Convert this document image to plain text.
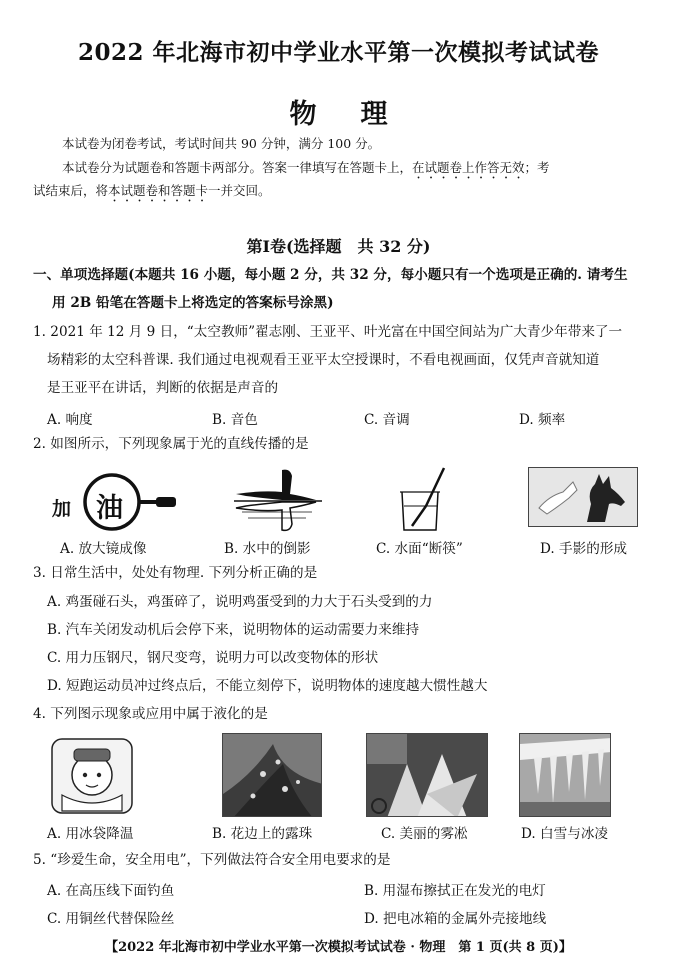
2022 年北海市初中学业水平第一次模拟考试试卷
物理
本试卷为闭卷考试，考试时间共 90 分钟，满分 100 分。
本试卷分为试题卷和答题卡两部分。答案一律填写在答题卡上，在试题卷上作答无效；考
试结束后，将本试题卷和答题卡一并交回。
第Ⅰ卷(选择题　共 32 分)
一、单项选择题(本题共 16 小题，每小题 2 分，共 32 分，每小题只有一个选项是正确的. 请考生
用 2B 铅笔在答题卡上将选定的答案标号涂黑)
1. 2021 年 12 月 9 日，“太空教师”翟志刚、王亚平、叶光富在中国空间站为广大青少年带来了一
场精彩的太空科普课. 我们通过电视观看王亚平太空授课时，不看电视画面，仅凭声音就知道
是王亚平在讲话，判断的依据是声音的
A. 响度	B. 音色	C. 音调	D. 频率
2. 如图所示，下列现象属于光的直线传播的是
加 油
A. 放大镜成像	B. 水中的倒影	C. 水面“断筷”	D. 手影的形成
3. 日常生活中，处处有物理. 下列分析正确的是
A. 鸡蛋碰石头，鸡蛋碎了，说明鸡蛋受到的力大于石头受到的力
B. 汽车关闭发动机后会停下来，说明物体的运动需要力来维持
C. 用力压钢尺，钢尺变弯，说明力可以改变物体的形状
D. 短跑运动员冲过终点后，不能立刻停下，说明物体的速度越大惯性越大
4. 下列图示现象或应用中属于液化的是
A. 用冰袋降温	B. 花边上的露珠	C. 美丽的雾凇	D. 白雪与冰凌
5. “珍爱生命，安全用电”，下列做法符合安全用电要求的是
A. 在高压线下面钓鱼	B. 用湿布擦拭正在发光的电灯
C. 用铜丝代替保险丝	D. 把电冰箱的金属外壳接地线
【2022 年北海市初中学业水平第一次模拟考试试卷 · 物理　第 1 页(共 8 页)】
